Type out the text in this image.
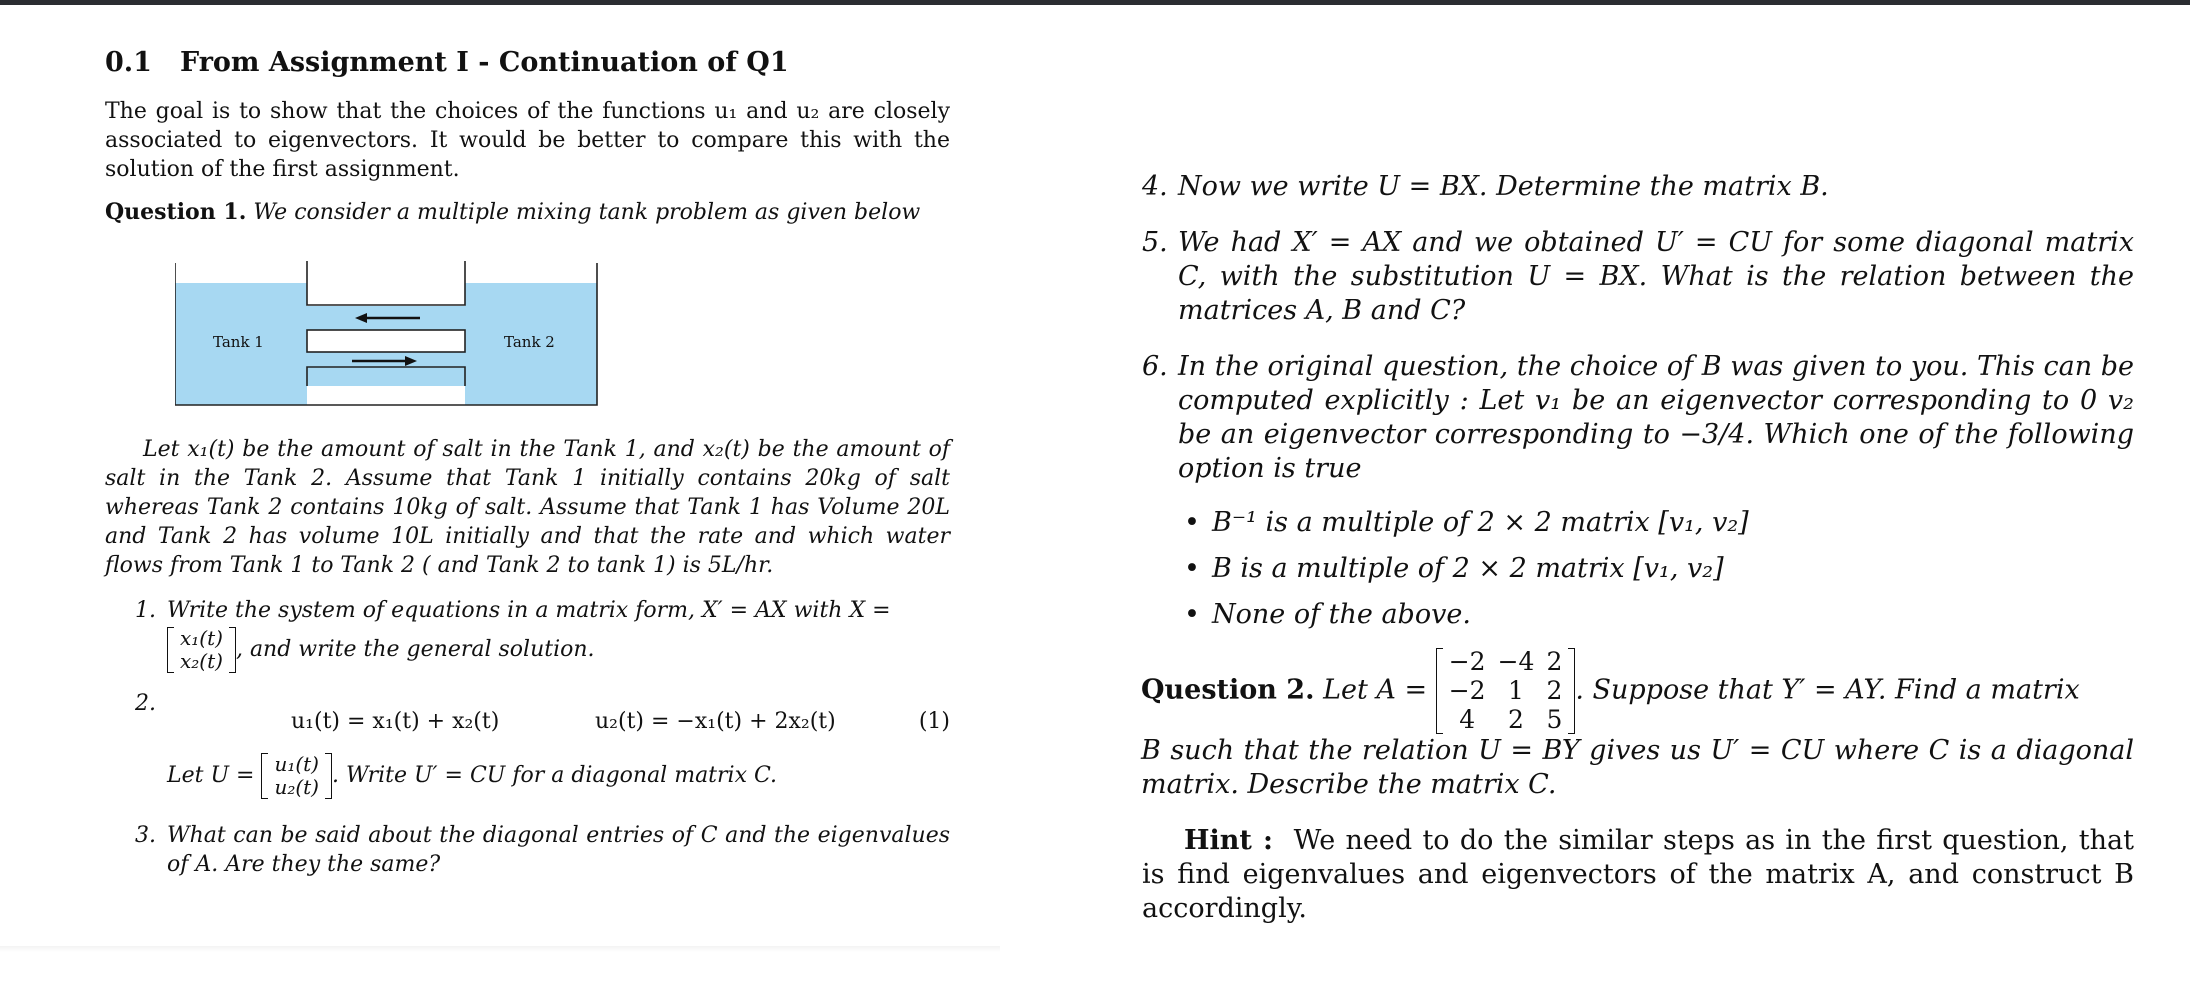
0.1 From Assignment I - Continuation of Q1

The goal is to show that the choices of the functions u₁ and u₂ are closely associated to eigenvectors. It would be better to compare this with the solution of the first assignment.

Question 1. We consider a multiple mixing tank problem as given below

Tank 1	Tank 2

Let x₁(t) be the amount of salt in the Tank 1, and x₂(t) be the amount of salt in the Tank 2. Assume that Tank 1 initially contains 20kg of salt whereas Tank 2 contains 10kg of salt. Assume that Tank 1 has Volume 20L and Tank 2 has volume 10L initially and that the rate and which water flows from Tank 1 to Tank 2 ( and Tank 2 to tank 1) is 5L/hr.

1. Write the system of equations in a matrix form, X′ = AX with X =
x₁(t)
x₂(t) , and write the general solution.
2.
u₁(t) = x₁(t) + x₂(t)	u₂(t) = −x₁(t) + 2x₂(t)	(1)
Let U = u₁(t)
u₂(t) . Write U′ = CU for a diagonal matrix C.
3. What can be said about the diagonal entries of C and the eigenvalues of A. Are they the same?
4. Now we write U = BX. Determine the matrix B.
5. We had X′ = AX and we obtained U′ = CU for some diagonal matrix C, with the substitution U = BX. What is the relation between the matrices A, B and C?
6. In the original question, the choice of B was given to you. This can be computed explicitly : Let v₁ be an eigenvector corresponding to 0 v₂ be an eigenvector corresponding to −3/4. Which one of the following option is true
• B⁻¹ is a multiple of 2 × 2 matrix [v₁, v₂]
• B is a multiple of 2 × 2 matrix [v₁, v₂]
• None of the above.
Question 2. Let A =
−2	−4	2
−2	1	2
4	2	5
. Suppose that Y′ = AY. Find a matrix

B such that the relation U = BY gives us U′ = CU where C is a diagonal matrix. Describe the matrix C.

Hint : We need to do the similar steps as in the first question, that is find eigenvalues and eigenvectors of the matrix A, and construct B accordingly.
